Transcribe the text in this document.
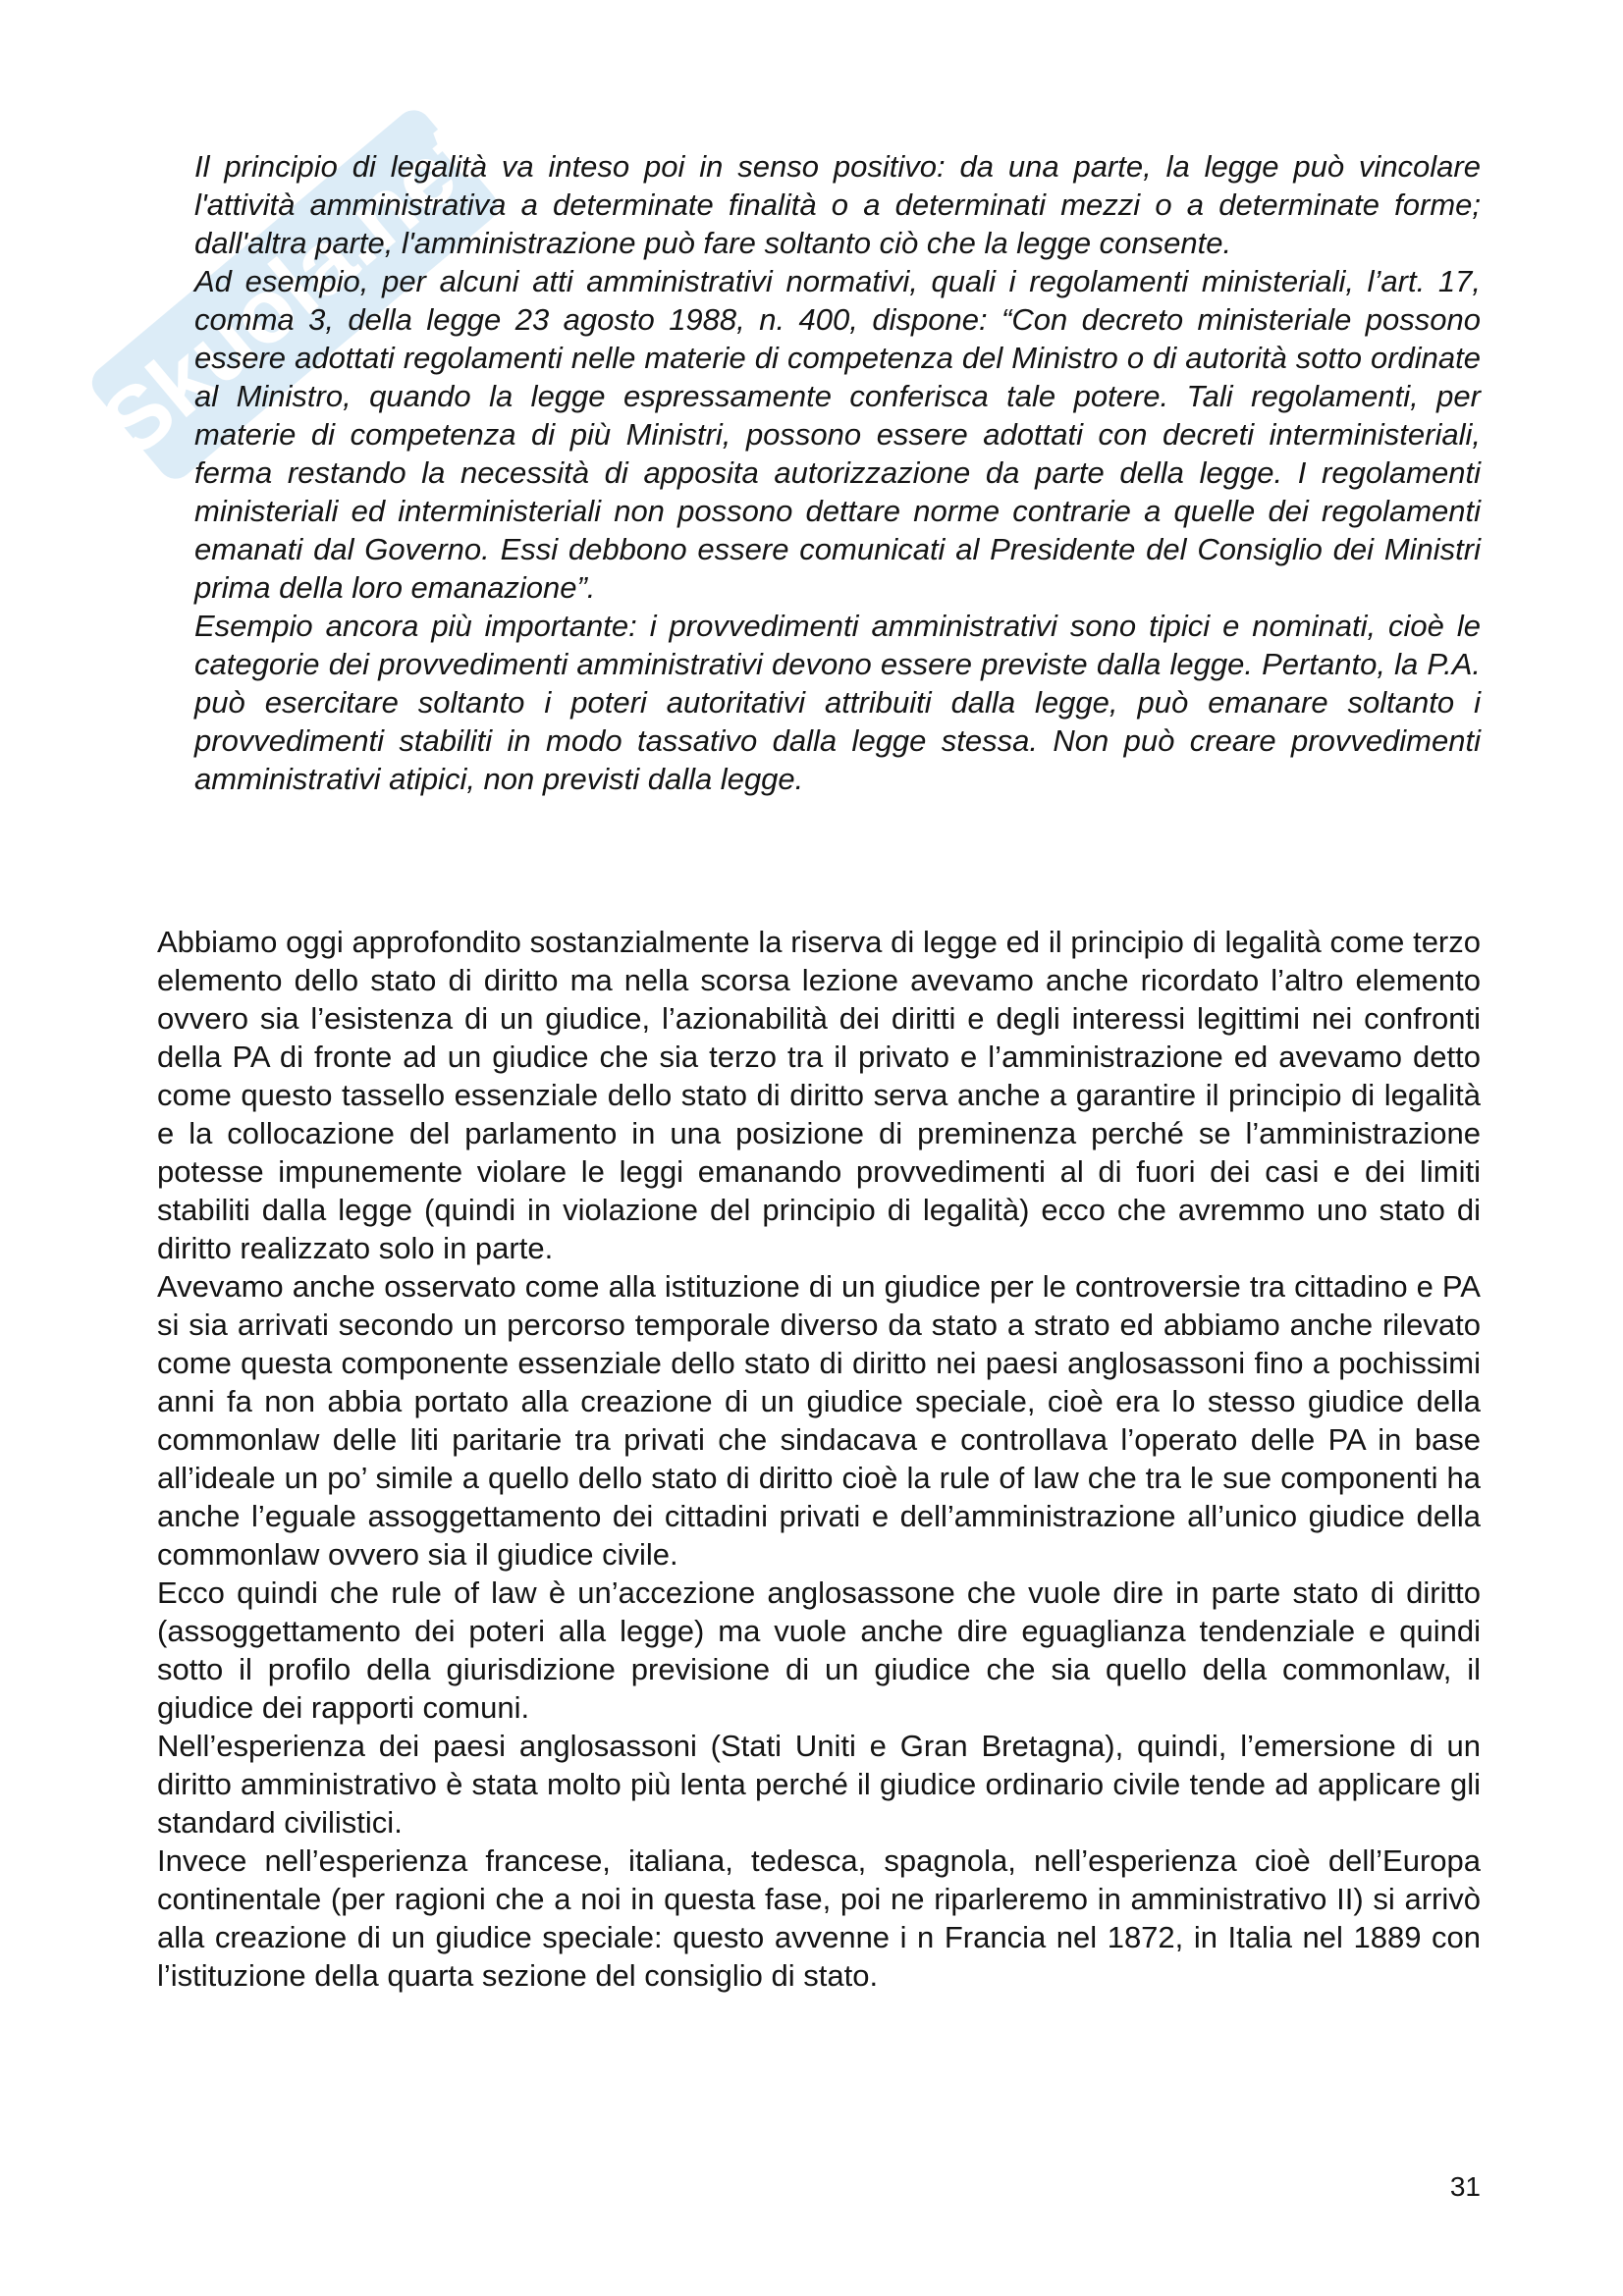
Skuola.net

Il principio di legalità va inteso poi in senso positivo: da una parte, la legge può vincolare l'attività amministrativa a determinate finalità o a determinati mezzi o a determinate forme; dall'altra parte, l'amministrazione può fare soltanto ciò che la legge consente.

Ad esempio, per alcuni atti amministrativi normativi, quali i regolamenti ministeriali, l’art. 17, comma 3, della legge 23 agosto 1988, n. 400, dispone: “Con decreto ministeriale possono essere adottati regolamenti nelle materie di competenza del Ministro o di autorità sotto ordinate al Ministro, quando la legge espressamente conferisca tale potere. Tali regolamenti, per materie di competenza di più Ministri, possono essere adottati con decreti interministeriali, ferma restando la necessità di apposita autorizzazione da parte della legge. I regolamenti ministeriali ed interministeriali non possono dettare norme contrarie a quelle dei regolamenti emanati dal Governo. Essi debbono essere comunicati al Presidente del Consiglio dei Ministri prima della loro emanazione”.

Esempio ancora più importante: i provvedimenti amministrativi sono tipici e nominati, cioè le categorie dei provvedimenti amministrativi devono essere previste dalla legge. Pertanto, la P.A. può esercitare soltanto i poteri autoritativi attribuiti dalla legge, può emanare soltanto i provvedimenti stabiliti in modo tassativo dalla legge stessa. Non può creare provvedimenti amministrativi atipici, non previsti dalla legge.

Abbiamo oggi approfondito sostanzialmente la riserva di legge ed il principio di legalità come terzo elemento dello stato di diritto ma nella scorsa lezione avevamo anche ricordato l’altro elemento ovvero sia l’esistenza di un giudice, l’azionabilità dei diritti e degli interessi legittimi nei confronti della PA di fronte ad un giudice che sia terzo tra il privato e l’amministrazione ed avevamo detto come questo tassello essenziale dello stato di diritto serva anche a garantire il principio di legalità e la collocazione del parlamento in una posizione di preminenza perché se l’amministrazione potesse impunemente violare le leggi emanando provvedimenti al di fuori dei casi e dei limiti stabiliti dalla legge (quindi in violazione del principio di legalità) ecco che avremmo uno stato di diritto realizzato solo in parte.

Avevamo anche osservato come alla istituzione di un giudice per le controversie tra cittadino e PA si sia arrivati secondo un percorso temporale diverso da stato a strato ed abbiamo anche rilevato come questa componente essenziale dello stato di diritto nei paesi anglosassoni fino a pochissimi anni fa non abbia portato alla creazione di un giudice speciale, cioè era lo stesso giudice della commonlaw delle liti paritarie tra privati che sindacava e controllava l’operato delle PA in base all’ideale un po’ simile a quello dello stato di diritto cioè la rule of law che tra le sue componenti ha anche l’eguale assoggettamento dei cittadini privati e dell’amministrazione all’unico giudice della commonlaw ovvero sia il giudice civile.

Ecco quindi che rule of law è un’accezione anglosassone che vuole dire in parte stato di diritto (assoggettamento dei poteri alla legge) ma vuole anche dire eguaglianza tendenziale e quindi sotto il profilo della giurisdizione previsione di un giudice che sia quello della commonlaw, il giudice dei rapporti comuni.

Nell’esperienza dei paesi anglosassoni (Stati Uniti e Gran Bretagna), quindi, l’emersione di un diritto amministrativo è stata molto più lenta perché il giudice ordinario civile tende ad applicare gli standard civilistici.

Invece nell’esperienza francese, italiana, tedesca, spagnola, nell’esperienza cioè dell’Europa continentale (per ragioni che a noi in questa fase, poi ne riparleremo in amministrativo II) si arrivò alla creazione di un giudice speciale: questo avvenne i n Francia nel 1872, in Italia nel 1889 con l’istituzione della quarta sezione del consiglio di stato.

31
